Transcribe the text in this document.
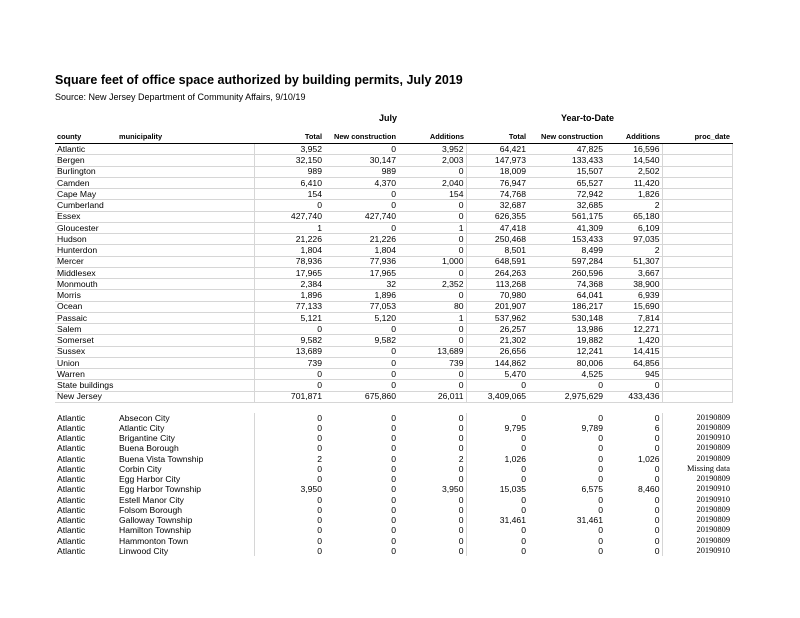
Square feet of office space authorized by building permits, July 2019
Source: New Jersey Department of Community Affairs, 9/10/19
July	Year-to-Date
county	municipality	Total	New construction	Additions	Total	New construction	Additions	proc_date
Atlantic		3,952	0	3,952	64,421	47,825	16,596	
Bergen		32,150	30,147	2,003	147,973	133,433	14,540	
Burlington		989	989	0	18,009	15,507	2,502	
Camden		6,410	4,370	2,040	76,947	65,527	11,420	
Cape May		154	0	154	74,768	72,942	1,826	
Cumberland		0	0	0	32,687	32,685	2	
Essex		427,740	427,740	0	626,355	561,175	65,180	
Gloucester		1	0	1	47,418	41,309	6,109	
Hudson		21,226	21,226	0	250,468	153,433	97,035	
Hunterdon		1,804	1,804	0	8,501	8,499	2	
Mercer		78,936	77,936	1,000	648,591	597,284	51,307	
Middlesex		17,965	17,965	0	264,263	260,596	3,667	
Monmouth		2,384	32	2,352	113,268	74,368	38,900	
Morris		1,896	1,896	0	70,980	64,041	6,939	
Ocean		77,133	77,053	80	201,907	186,217	15,690	
Passaic		5,121	5,120	1	537,962	530,148	7,814	
Salem		0	0	0	26,257	13,986	12,271	
Somerset		9,582	9,582	0	21,302	19,882	1,420	
Sussex		13,689	0	13,689	26,656	12,241	14,415	
Union		739	0	739	144,862	80,006	64,856	
Warren		0	0	0	5,470	4,525	945	
State buildings		0	0	0	0	0	0	
New Jersey		701,871	675,860	26,011	3,409,065	2,975,629	433,436	

Atlantic	Absecon City	0	0	0	0	0	0	20190809
Atlantic	Atlantic City	0	0	0	9,795	9,789	6	20190809
Atlantic	Brigantine City	0	0	0	0	0	0	20190910
Atlantic	Buena Borough	0	0	0	0	0	0	20190809
Atlantic	Buena Vista Township	2	0	2	1,026	0	1,026	20190809
Atlantic	Corbin City	0	0	0	0	0	0	Missing data
Atlantic	Egg Harbor City	0	0	0	0	0	0	20190809
Atlantic	Egg Harbor Township	3,950	0	3,950	15,035	6,575	8,460	20190910
Atlantic	Estell Manor City	0	0	0	0	0	0	20190910
Atlantic	Folsom Borough	0	0	0	0	0	0	20190809
Atlantic	Galloway Township	0	0	0	31,461	31,461	0	20190809
Atlantic	Hamilton Township	0	0	0	0	0	0	20190809
Atlantic	Hammonton Town	0	0	0	0	0	0	20190809
Atlantic	Linwood City	0	0	0	0	0	0	20190910
